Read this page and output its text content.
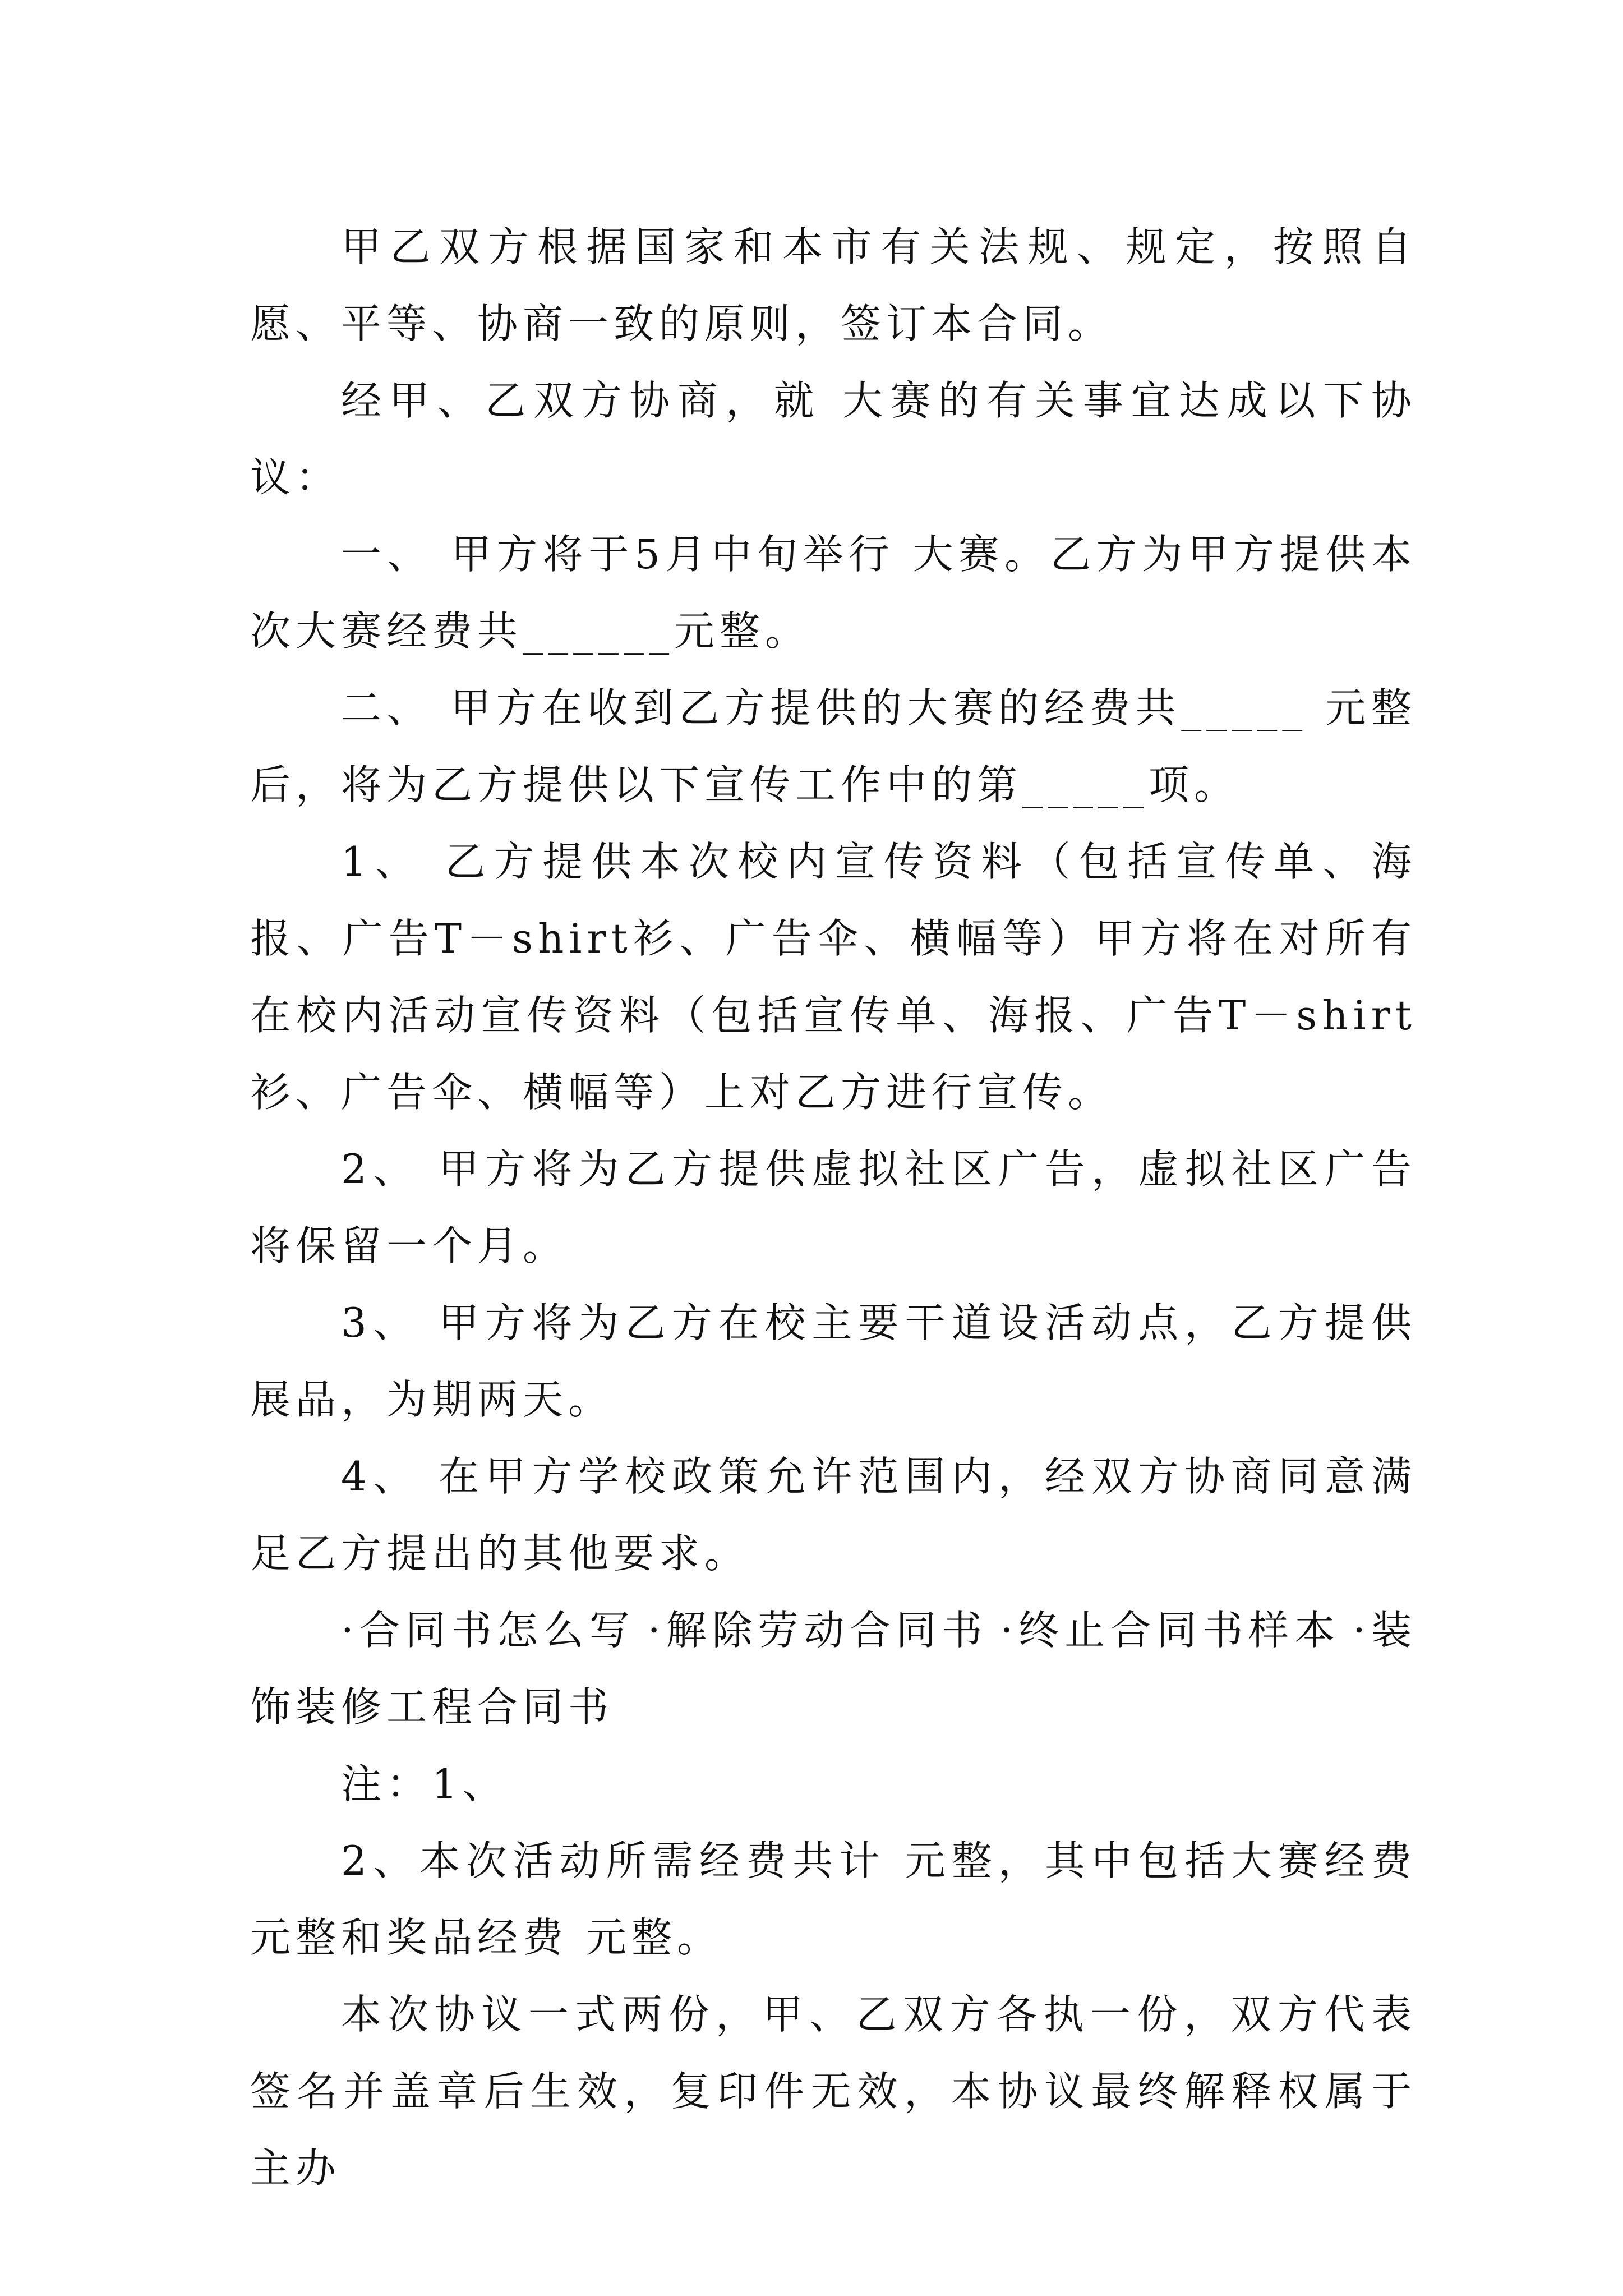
甲乙双方根据国家和本市有关法规、规定，按照自愿、平等、协商一致的原则，签订本合同。

经甲、乙双方协商，就 大赛的有关事宜达成以下协议：

一、 甲方将于5月中旬举行 大赛。乙方为甲方提供本次大赛经费共______元整。

二、 甲方在收到乙方提供的大赛的经费共_____ 元整后，将为乙方提供以下宣传工作中的第_____项。

1、 乙方提供本次校内宣传资料（包括宣传单、海报、广告T－shirt衫、广告伞、横幅等）甲方将在对所有在校内活动宣传资料（包括宣传单、海报、广告T－shirt衫、广告伞、横幅等）上对乙方进行宣传。

2、 甲方将为乙方提供虚拟社区广告，虚拟社区广告将保留一个月。

3、 甲方将为乙方在校主要干道设活动点，乙方提供展品，为期两天。

4、 在甲方学校政策允许范围内，经双方协商同意满足乙方提出的其他要求。

·合同书怎么写 ·解除劳动合同书 ·终止合同书样本 ·装饰装修工程合同书

注：1、

2、本次活动所需经费共计 元整，其中包括大赛经费 元整和奖品经费 元整。

本次协议一式两份，甲、乙双方各执一份，双方代表签名并盖章后生效，复印件无效，本协议最终解释权属于主办
